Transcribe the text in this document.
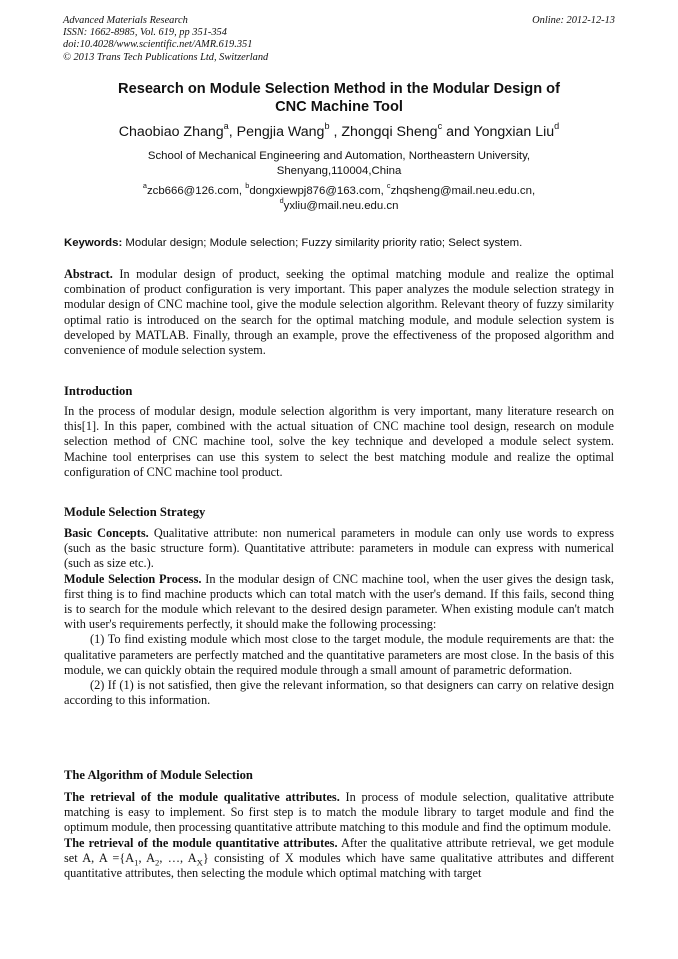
Advanced Materials Research
ISSN: 1662-8985, Vol. 619, pp 351-354
doi:10.4028/www.scientific.net/AMR.619.351
© 2013 Trans Tech Publications Ltd, Switzerland
Online: 2012-12-13
Research on Module Selection Method in the Modular Design of
CNC Machine Tool
Chaobiao Zhang$^a$, Pengjia Wang$^b$ , Zhongqi Sheng$^c$ and Yongxian Liu$^d$
School of Mechanical Engineering and Automation, Northeastern University,
Shenyang,110004,China
$^a$zcb666@126.com, $^b$dongxiewpj876@163.com, $^c$zhqsheng@mail.neu.edu.cn,
$^d$yxliu@mail.neu.edu.cn
Keywords: Modular design; Module selection; Fuzzy similarity priority ratio; Select system.

Abstract. In modular design of product, seeking the optimal matching module and realize the optimal combination of product configuration is very important. This paper analyzes the module selection strategy in modular design of CNC machine tool, give the module selection algorithm. Relevant theory of fuzzy similarity optimal ratio is introduced on the search for the optimal matching module, and module selection system is developed by MATLAB. Finally, through an example, prove the effectiveness of the proposed algorithm and convenience of module selection system.

Introduction

In the process of modular design, module selection algorithm is very important, many literature research on this[1]. In this paper, combined with the actual situation of CNC machine tool design, research on module selection method of CNC machine tool, solve the key technique and developed a module select system. Machine tool enterprises can use this system to select the best matching module and realize the optimal configuration of CNC machine tool product.

Module Selection Strategy

Basic Concepts. Qualitative attribute: non numerical parameters in module can only use words to express (such as the basic structure form). Quantitative attribute: parameters in module can express with numerical (such as size etc.).

Module Selection Process. In the modular design of CNC machine tool, when the user gives the design task, first thing is to find machine products which can total match with the user's demand. If this fails, second thing is to search for the module which relevant to the desired design parameter. When existing module can't match with user's requirements perfectly, it should make the following processing:

(1) To find existing module which most close to the target module, the module requirements are that: the qualitative parameters are perfectly matched and the quantitative parameters are most close. In the basis of this module, we can quickly obtain the required module through a small amount of parametric deformation.

(2) If (1) is not satisfied, then give the relevant information, so that designers can carry on relative design according to this information.

The Algorithm of Module Selection

The retrieval of the module qualitative attributes. In process of module selection, qualitative attribute matching is easy to implement. So first step is to match the module library to target module and find the optimum module, then processing quantitative attribute matching to this module and find the optimum module.

The retrieval of the module quantitative attributes. After the qualitative attribute retrieval, we get module set A, $A =\{A_1$, $A_2$, …, $A_X$} consisting of X modules which have same qualitative attributes and different quantitative attributes, then selecting the module which optimal matching with target
